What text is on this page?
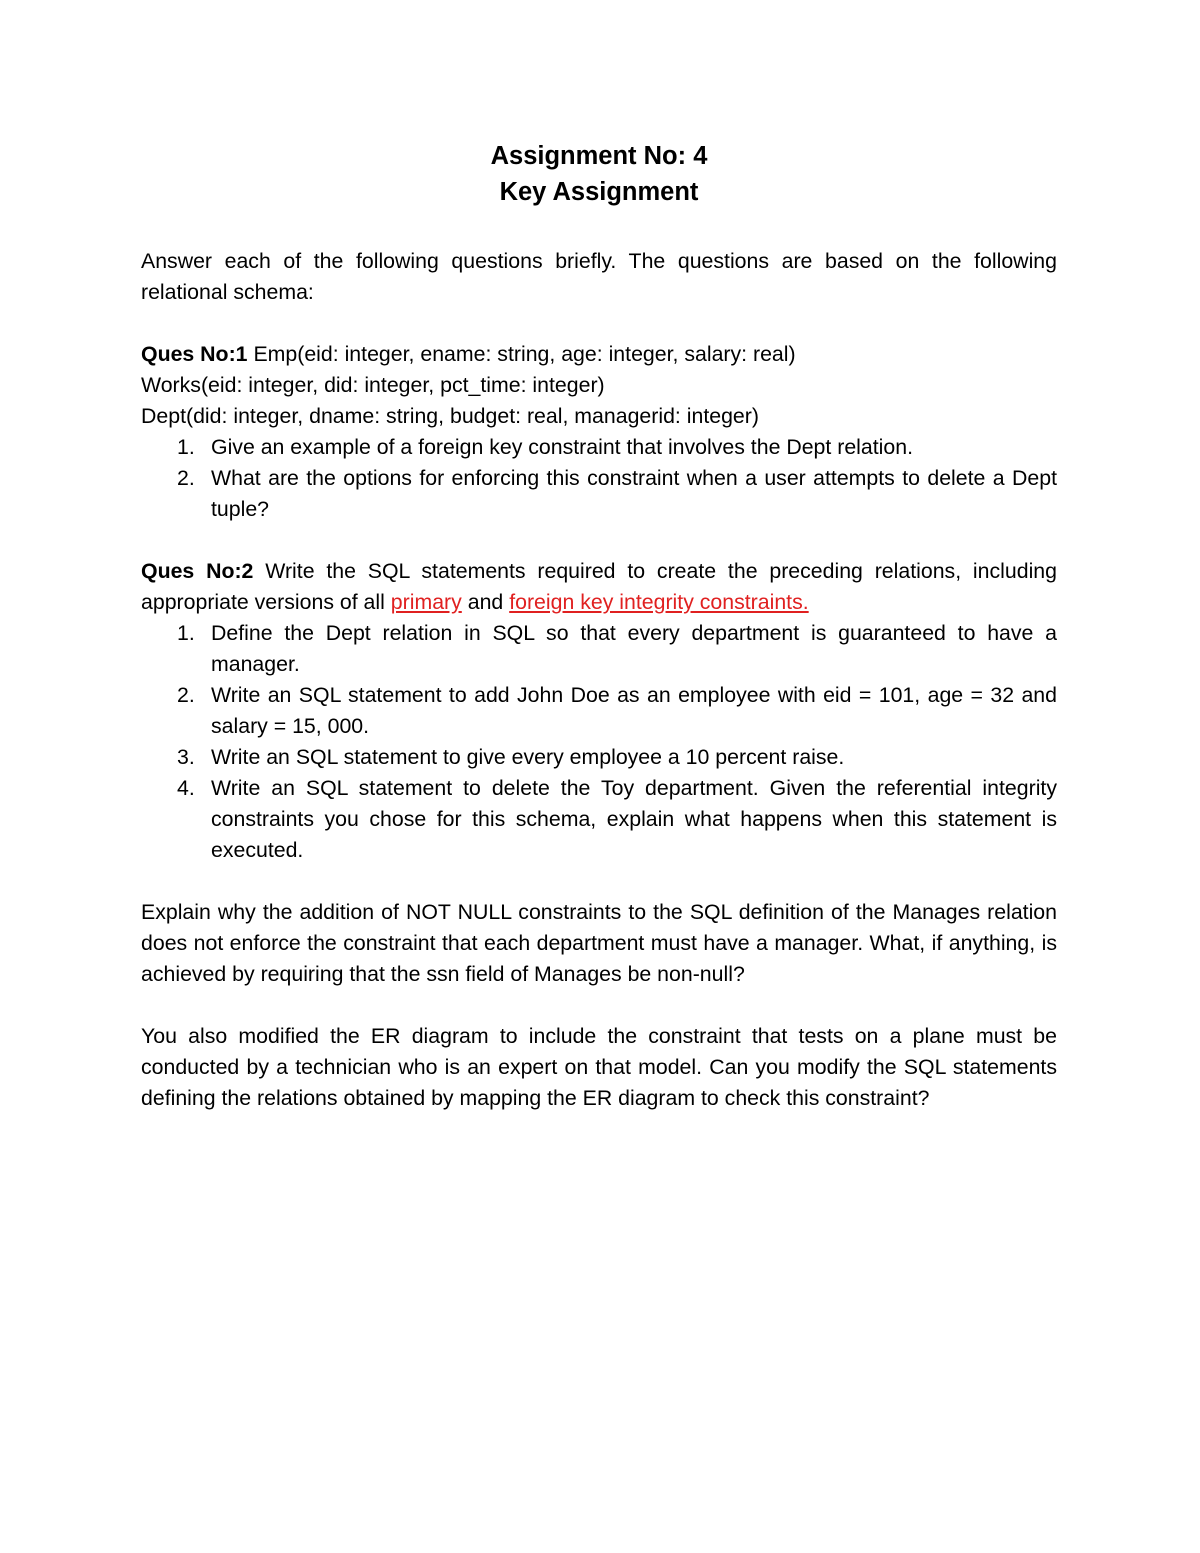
Assignment No: 4
Key Assignment

Answer each of the following questions briefly. The questions are based on the following relational schema:

Ques No:1 Emp(eid: integer, ename: string, age: integer, salary: real)
Works(eid: integer, did: integer, pct_time: integer)
Dept(did: integer, dname: string, budget: real, managerid: integer)
1. Give an example of a foreign key constraint that involves the Dept relation.
2. What are the options for enforcing this constraint when a user attempts to delete a Dept tuple?
Ques No:2 Write the SQL statements required to create the preceding relations, including appropriate versions of all primary and foreign key integrity constraints.
1. Define the Dept relation in SQL so that every department is guaranteed to have a manager.
2. Write an SQL statement to add John Doe as an employee with eid = 101, age = 32 and salary = 15, 000.
3. Write an SQL statement to give every employee a 10 percent raise.
4. Write an SQL statement to delete the Toy department. Given the referential integrity constraints you chose for this schema, explain what happens when this statement is executed.

Explain why the addition of NOT NULL constraints to the SQL definition of the Manages relation does not enforce the constraint that each department must have a manager. What, if anything, is achieved by requiring that the ssn field of Manages be non-null?

You also modified the ER diagram to include the constraint that tests on a plane must be conducted by a technician who is an expert on that model. Can you modify the SQL statements defining the relations obtained by mapping the ER diagram to check this constraint?
